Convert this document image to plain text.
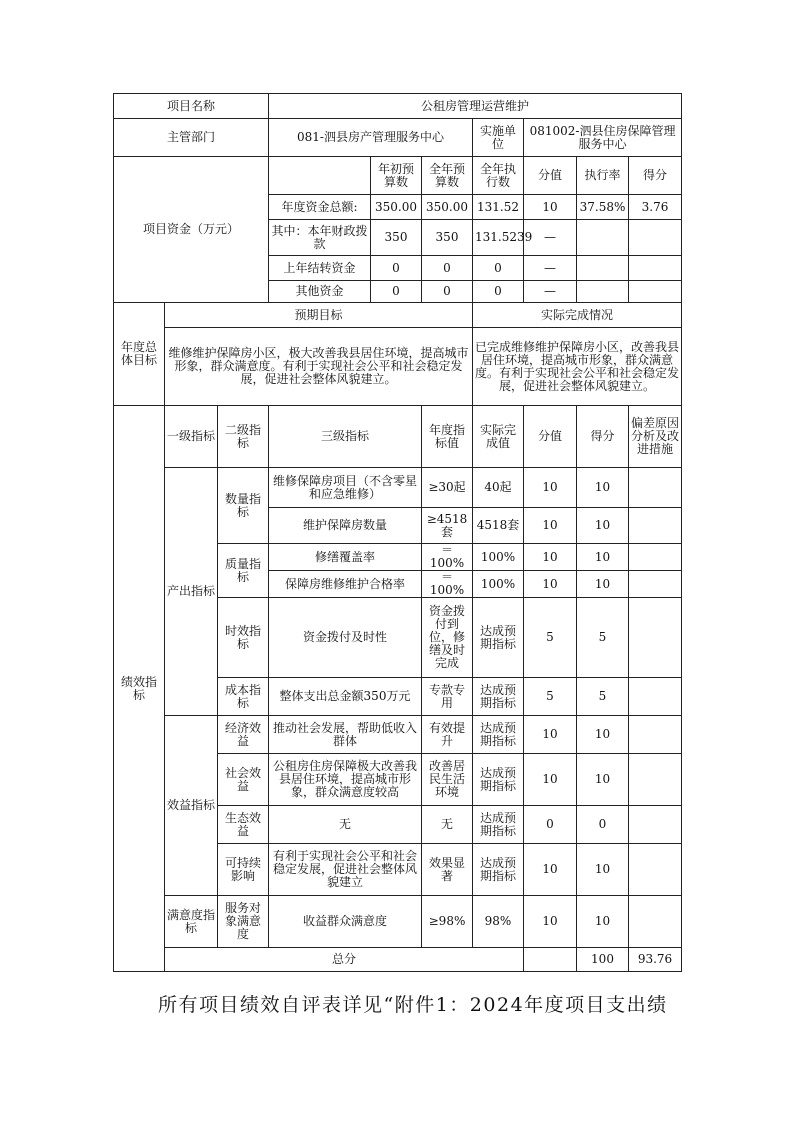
项目名称			公租房管理运营维护							
主管部门			081-泗县房产管理服务中心			实施单位	081002-泗县住房保障管理服务中心			
项目资金（万元）				年初预算数	全年预算数	全年执行数	分值	执行率	得分	
			年度资金总额:	350.00	350.00	131.52	10	37.58%	3.76	
			其中：本年财政拨款	350	350	131.5239	—			
			上年结转资金	0	0	0	—			
			其他资金	0	0	0	—			
年度总体目标	预期目标					实际完成情况				
	维修维护保障房小区，极大改善我县居住环境，提高城市形象，群众满意度。有利于实现社会公平和社会稳定发展，促进社会整体风貌建立。					已完成维修维护保障房小区，改善我县居住环境，提高城市形象，群众满意度。有利于实现社会公平和社会稳定发展，促进社会整体风貌建立。				
绩效指标	一级指标	二级指标	三级指标		年度指标值	实际完成值	分值	得分	偏差原因分析及改进措施	
	产出指标	数量指标	维修保障房项目（不含零星和应急维修）		≥30起	40起	10	10		
			维护保障房数量		≥4518套	4518套	10	10		
		质量指标	修缮覆盖率		＝100%	100%	10	10		
			保障房维修维护合格率		＝100%	100%	10	10		
		时效指标	资金拨付及时性		资金拨付到位，修缮及时完成	达成预期指标	5	5		
		成本指标	整体支出总金额350万元		专款专用	达成预期指标	5	5		
	效益指标	经济效益	推动社会发展，帮助低收入群体		有效提升	达成预期指标	10	10		
		社会效益	公租房住房保障极大改善我县居住环境，提高城市形象，群众满意度较高		改善居民生活环境	达成预期指标	10	10		
		生态效益	无		无	达成预期指标	0	0		
		可持续影响	有利于实现社会公平和社会稳定发展，促进社会整体风貌建立		效果显著	达成预期指标	10	10		
	满意度指标	服务对象满意度	收益群众满意度		≥98%	98%	10	10		
	总分							100	93.76	
所有项目绩效自评表详见“附件1：2024年度项目支出绩
